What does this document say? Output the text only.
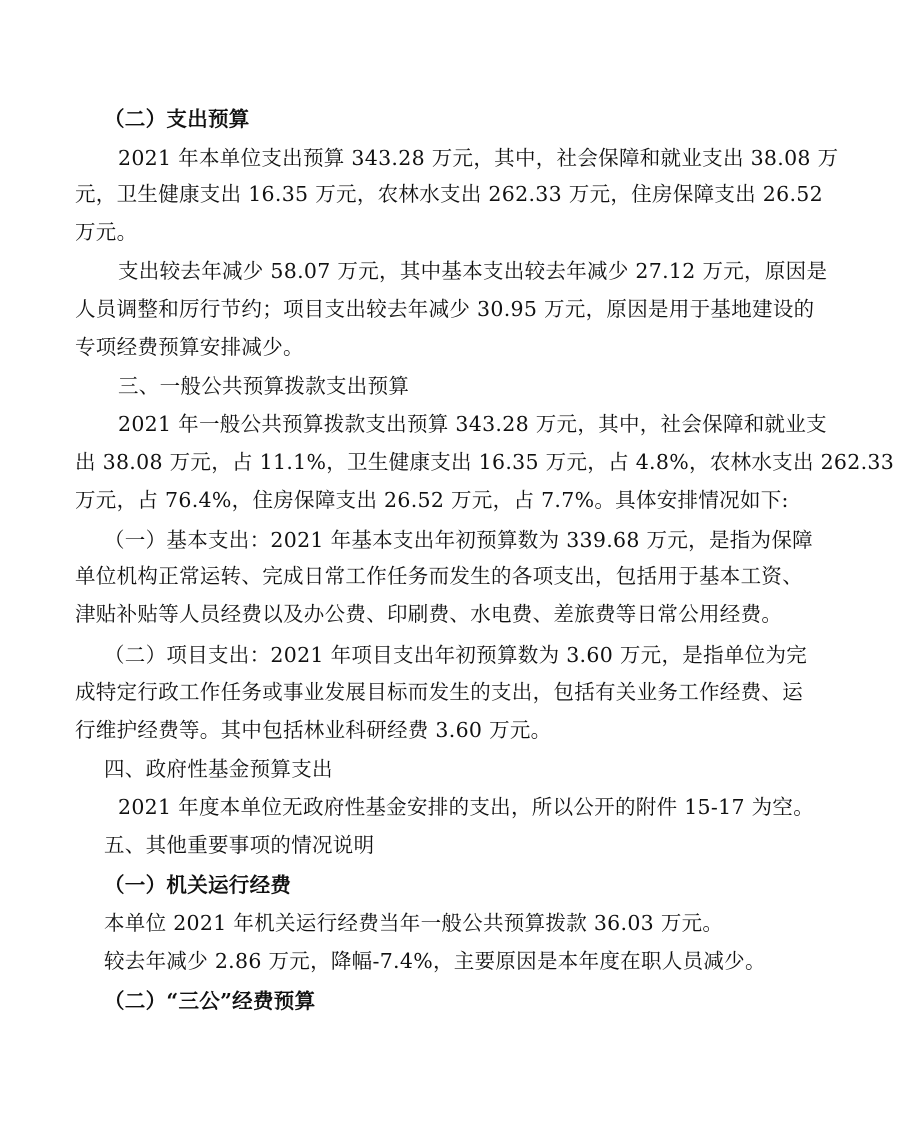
（二）支出预算
2021 年本单位支出预算 343.28 万元，其中，社会保障和就业支出 38.08 万
元，卫生健康支出 16.35 万元，农林水支出 262.33 万元，住房保障支出 26.52
万元。
支出较去年减少 58.07 万元，其中基本支出较去年减少 27.12 万元，原因是
人员调整和厉行节约；项目支出较去年减少 30.95 万元，原因是用于基地建设的
专项经费预算安排减少。
三、一般公共预算拨款支出预算
2021 年一般公共预算拨款支出预算 343.28 万元，其中，社会保障和就业支
出 38.08 万元，占 11.1%，卫生健康支出 16.35 万元，占 4.8%，农林水支出 262.33
万元，占 76.4%，住房保障支出 26.52 万元，占 7.7%。具体安排情况如下:
（一）基本支出：2021 年基本支出年初预算数为 339.68 万元，是指为保障
单位机构正常运转、完成日常工作任务而发生的各项支出，包括用于基本工资、
津贴补贴等人员经费以及办公费、印刷费、水电费、差旅费等日常公用经费。
（二）项目支出：2021 年项目支出年初预算数为 3.60 万元，是指单位为完
成特定行政工作任务或事业发展目标而发生的支出，包括有关业务工作经费、运
行维护经费等。其中包括林业科研经费 3.60 万元。
四、政府性基金预算支出
2021 年度本单位无政府性基金安排的支出，所以公开的附件 15-17 为空。
五、其他重要事项的情况说明
（一）机关运行经费
本单位 2021 年机关运行经费当年一般公共预算拨款 36.03 万元。
较去年减少 2.86 万元，降幅-7.4%，主要原因是本年度在职人员减少。
（二）“三公”经费预算
